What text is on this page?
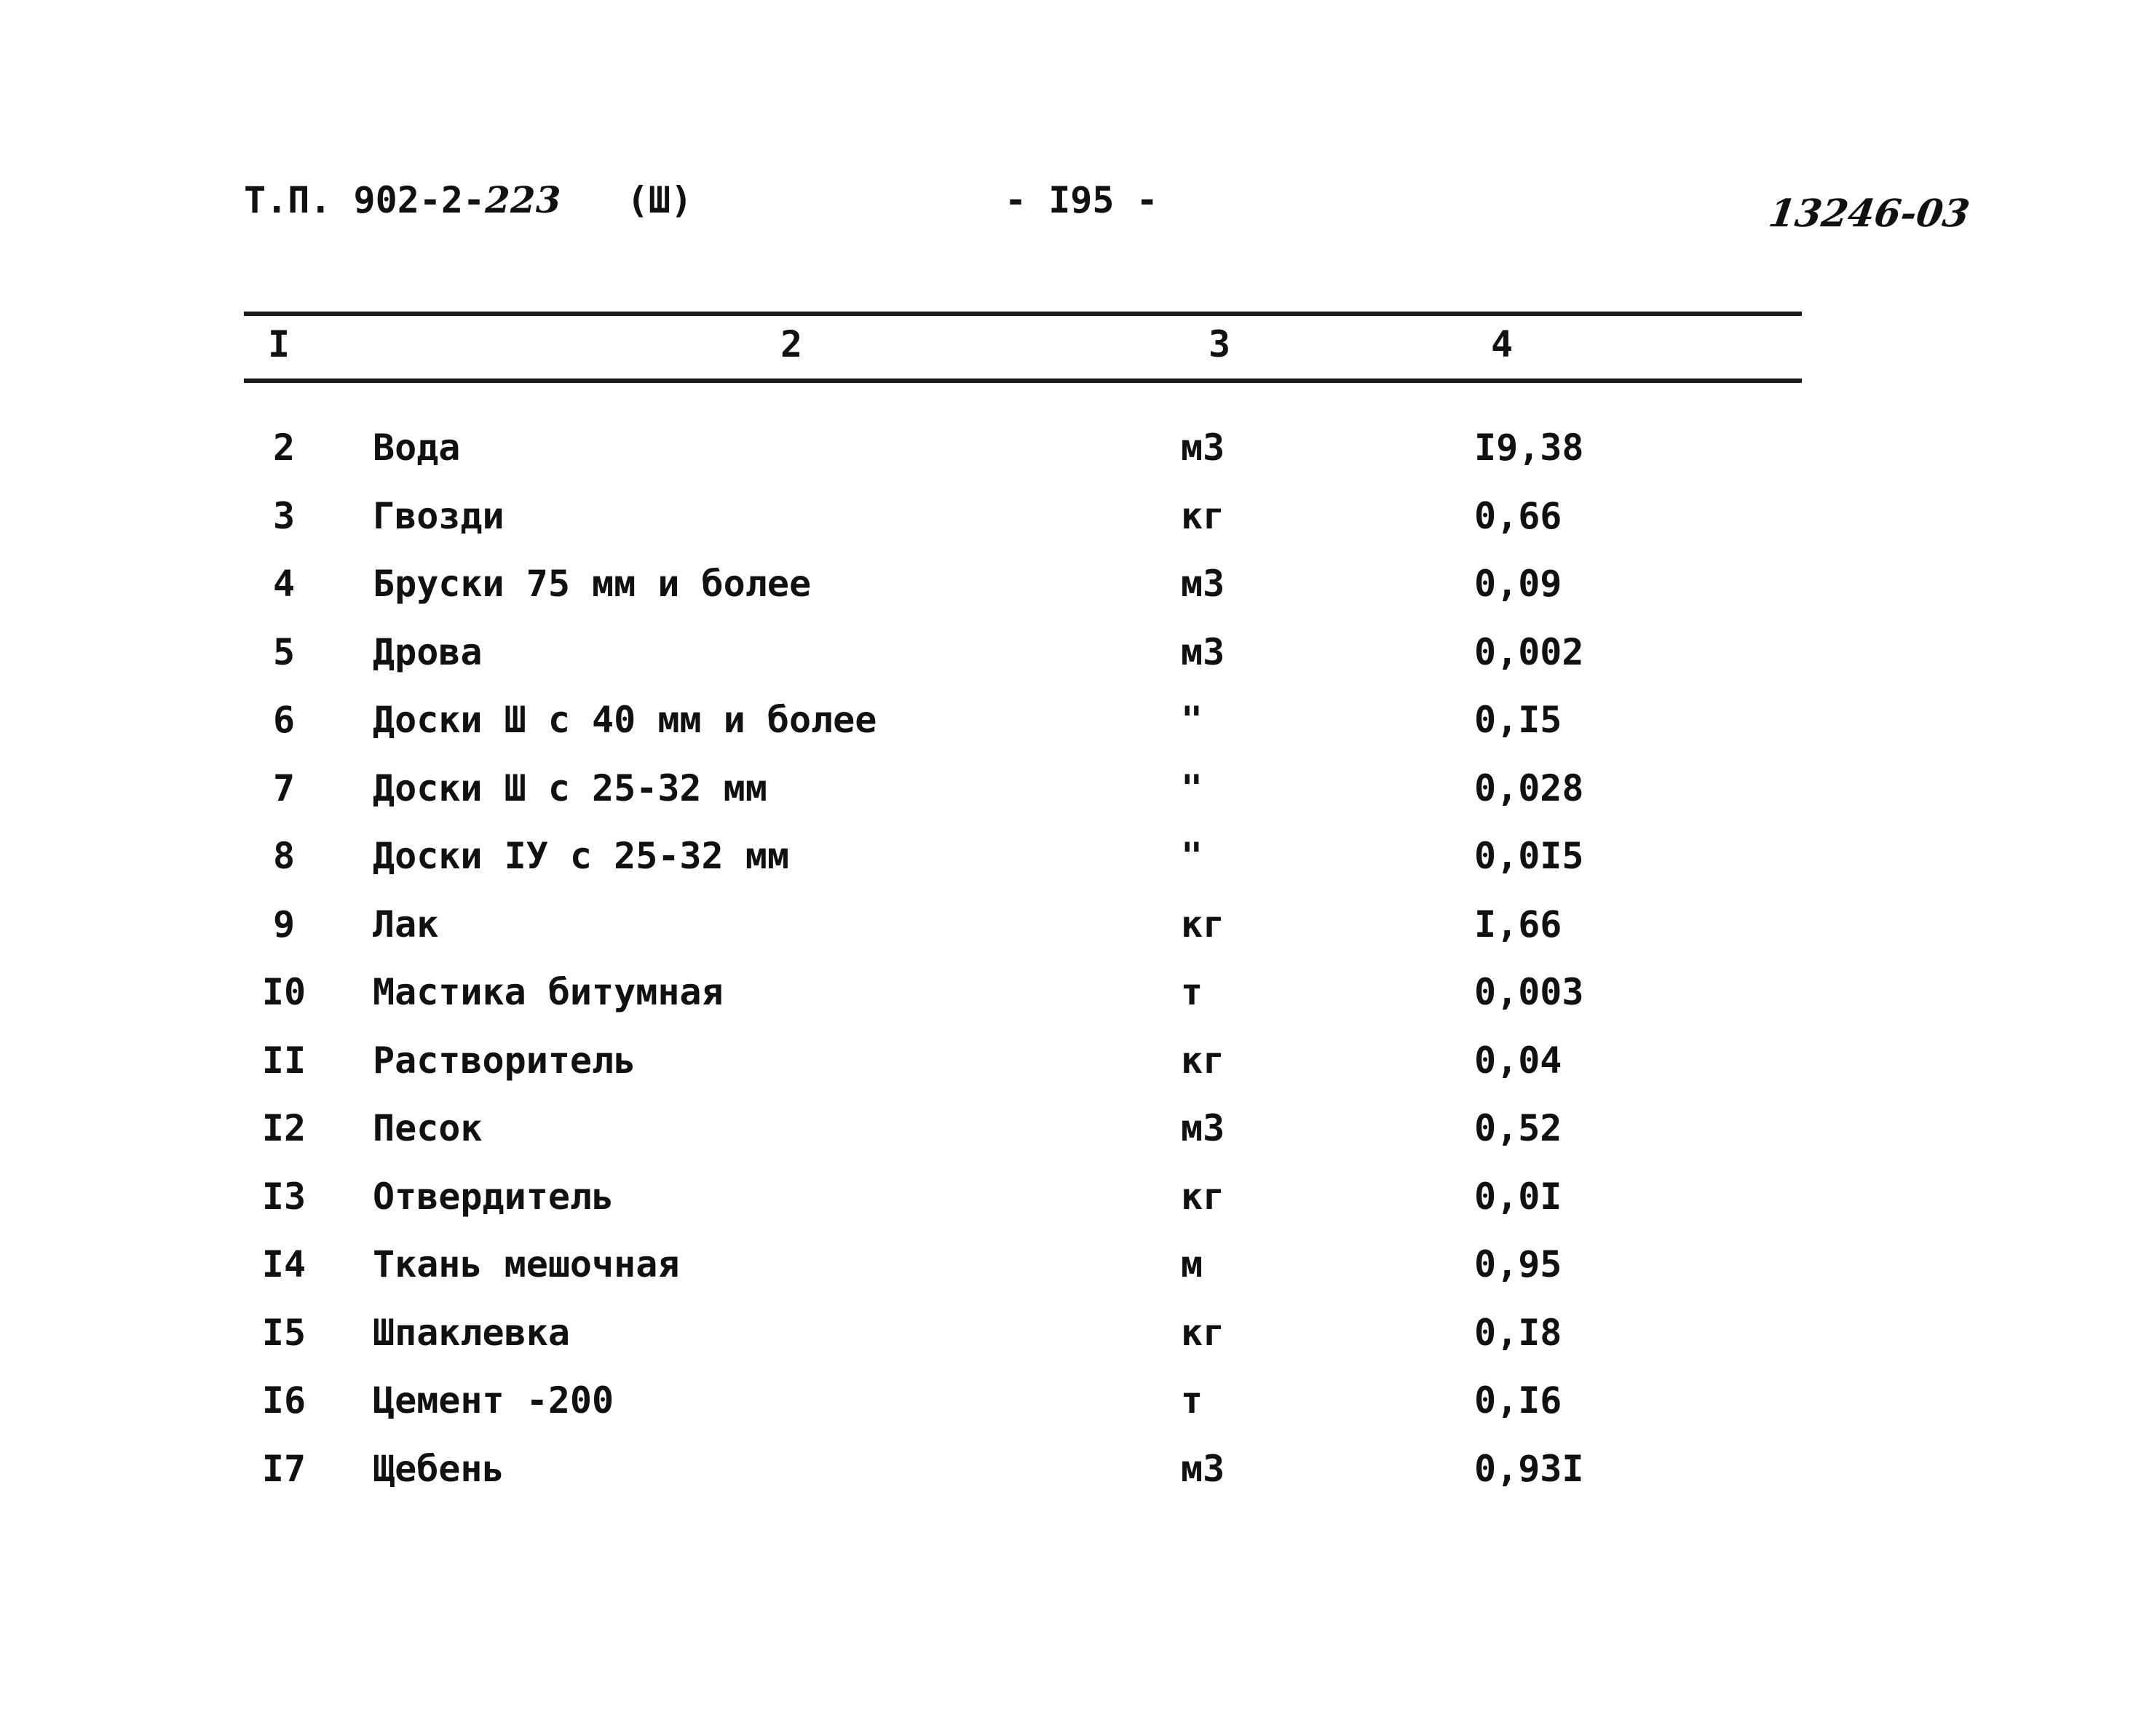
Т.П. 902-2-223 (Ш)	- I95 -	13246-03
I	2	3	4
2	Вода	м3	I9,38
3	Гвозди	кг	0,66
4	Бруски 75 мм и более	м3	0,09
5	Дрова	м3	0,002
6	Доски Ш с 40 мм и более	"	0,I5
7	Доски Ш с 25-32 мм	"	0,028
8	Доски IУ с 25-32 мм	"	0,0I5
9	Лак	кг	I,66
I0 Мастика битумная	т	0,003
II Растворитель	кг	0,04
I2 Песок	м3	0,52
I3 Отвердитель	кг	0,0I
I4 Ткань мешочная	м	0,95
I5 Шпаклевка	кг	0,I8
I6 Цемент -200	т	0,I6
I7 Щебень	м3	0,93I
